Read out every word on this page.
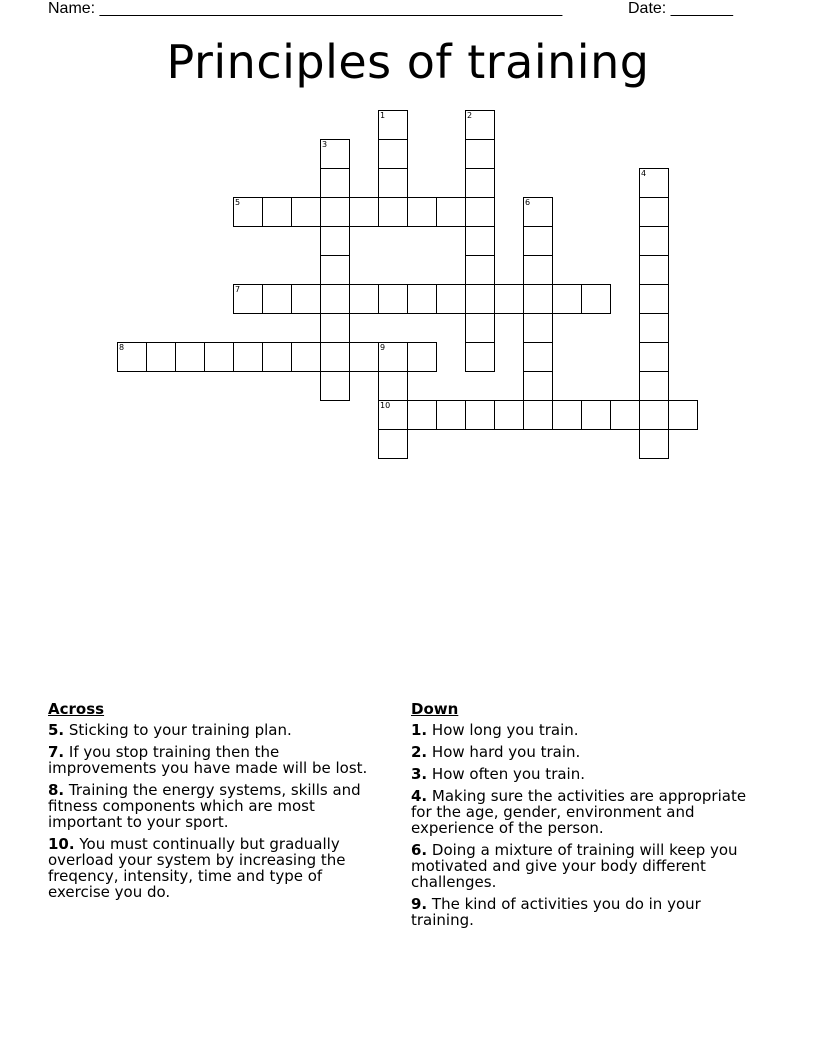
Name: ____________________________________________________	Date: _______
Principles of training
1	2
3
4
5	6
7
8	9
10
Across
5. Sticking to your training plan.
7. If you stop training then the improvements you have made will be lost.
8. Training the energy systems, skills and fitness components which are most important to your sport.
10. You must continually but gradually overload your system by increasing the freqency, intensity, time and type of exercise you do.
Down
1. How long you train.
2. How hard you train.
3. How often you train.
4. Making sure the activities are appropriate for the age, gender, environment and experience of the person.
6. Doing a mixture of training will keep you motivated and give your body different challenges.
9. The kind of activities you do in your training.
